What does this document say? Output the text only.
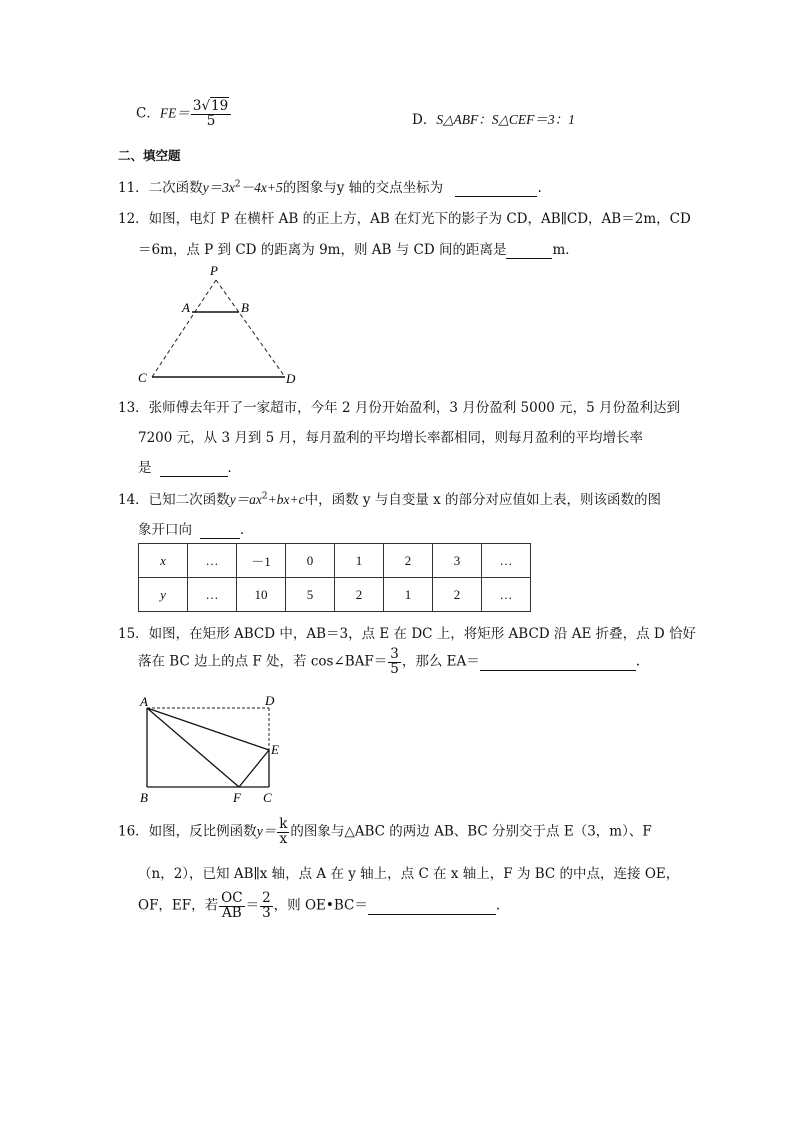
C．$FE= \frac{3√19}{5}$	D．S△ABF：S△CEF＝3：1
二、填空题
11．二次函数$y=3x^2-4x+5$的图象与y 轴的交点坐标为	.
12．如图，电灯 P 在横杆 AB 的正上方，AB 在灯光下的影子为 CD，AB∥CD，AB＝2m，CD
＝6m，点 P 到 CD 的距离为 9m，则 AB 与 CD 间的距离是	m．
P
A	B
C	D
13．张师傅去年开了一家超市，今年 2 月份开始盈利，3 月份盈利 5000 元，5 月份盈利达到
7200 元，从 3 月到 5 月，每月盈利的平均增长率都相同，则每月盈利的平均增长率
是	．
14．已知二次函数$y=ax^2+bx+c$中，函数 y 与自变量 x 的部分对应值如上表，则该函数的图
象开口向	．
x	…	－1	0	1	2	3	…
y	…	10	5	2	1	2	…
15．如图，在矩形 ABCD 中，AB＝3，点 E 在 DC 上，将矩形 ABCD 沿 AE 折叠，点 D 恰好
落在 BC 边上的点 F 处，若 cos∠BAF＝ $\frac{3}{5}$ ，那么 EA＝	.
A	D
E
B	F C
16．如图，反比例函数$y= \frac{k}{x}$ 的图象与△ABC 的两边 AB、BC 分别交于点 E（3，m）、F
（n，2），已知 AB∥x 轴，点 A 在 y 轴上，点 C 在 x 轴上，F 为 BC 的中点，连接 OE，
OF，EF，若 $\frac{OC}{AB} = \frac{2}{3}$ ，则 OE•BC＝	.
